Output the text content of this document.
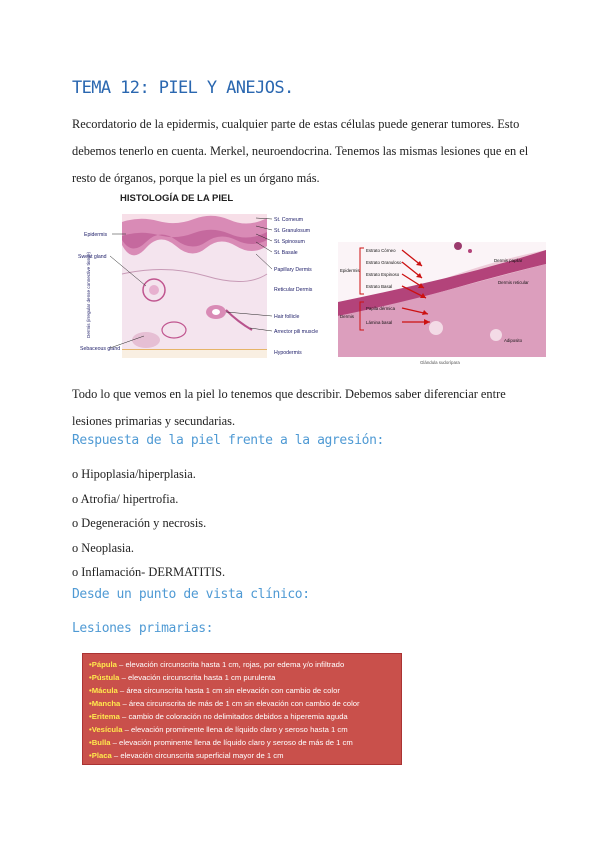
TEMA 12: PIEL Y ANEJOS.

Recordatorio de la epidermis, cualquier parte de estas células puede generar tumores. Esto debemos tenerlo en cuenta. Merkel, neuroendocrina. Tenemos las mismas lesiones que en el resto de órganos, porque la piel es un órgano más.

HISTOLOGÍA DE LA PIEL
Epidermis
Sweat gland
Dermis (irregular dense connective tissue)
Sebaceous gland
St. Corneum
St. Granulosum
St. Spinosum
St. Basale
Papillary Dermis
Reticular Dermis
Hair follicle
Arrector pili muscle
Hypodermis
Epidermis
Dermis
Estrato Córneo
Estrato Granuloso
Estrato Espinoso
Estrato Basal
Papila dérmica
Lámina basal
Dermis papilar
Dermis reticular
Adiposito
Glándula sudorípara

Todo lo que vemos en la piel lo tenemos que describir. Debemos saber diferenciar entre lesiones primarias y secundarias.

Respuesta de la piel frente a la agresión:
o Hipoplasia/hiperplasia.
o Atrofia/ hipertrofia.
o Degeneración y necrosis.
o Neoplasia.
o Inflamación- DERMATITIS.
Desde un punto de vista clínico:
Lesiones primarias:
•Pápula – elevación circunscrita hasta 1 cm, rojas, por edema y/o infiltrado
•Pústula – elevación circunscrita hasta 1 cm purulenta
•Mácula – área circunscrita hasta 1 cm sin elevación con cambio de color
•Mancha – área circunscrita de más de 1 cm sin elevación con cambio de color
•Eritema – cambio de coloración no delimitados debidos a hiperemia aguda
•Vesícula – elevación prominente llena de líquido claro y seroso hasta 1 cm
•Bulla – elevación prominente llena de líquido claro y seroso de más de 1 cm
•Placa – elevación circunscrita superficial mayor de 1 cm
